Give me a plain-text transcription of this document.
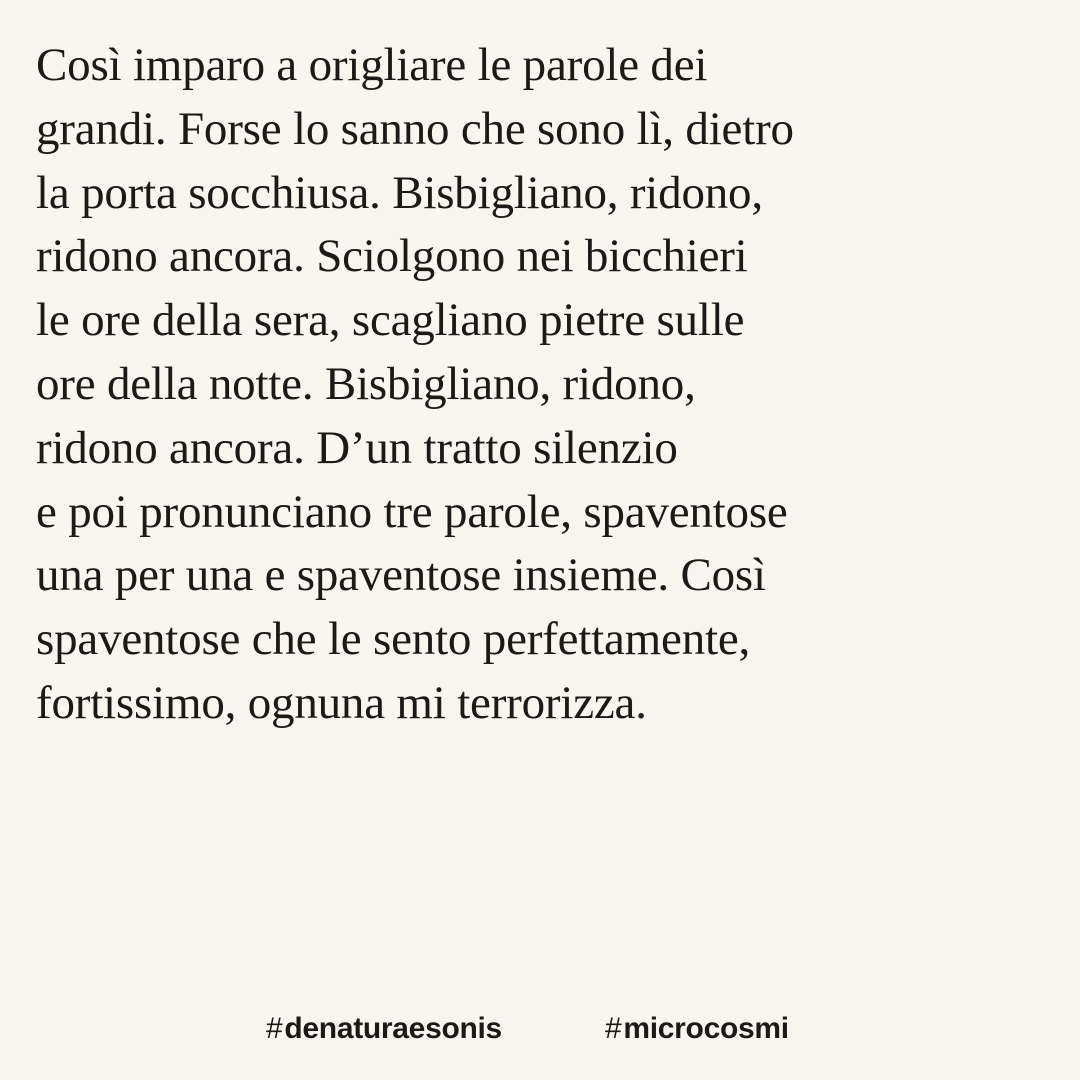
Così imparo a origliare le parole dei
grandi. Forse lo sanno che sono lì, dietro
la porta socchiusa. Bisbigliano, ridono,
ridono ancora. Sciolgono nei bicchieri
le ore della sera, scagliano pietre sulle
ore della notte. Bisbigliano, ridono,
ridono ancora. D’un tratto silenzio
e poi pronunciano tre parole, spaventose
una per una e spaventose insieme. Così
spaventose che le sento perfettamente,
fortissimo, ognuna mi terrorizza.
#denaturaesonis	#microcosmi
